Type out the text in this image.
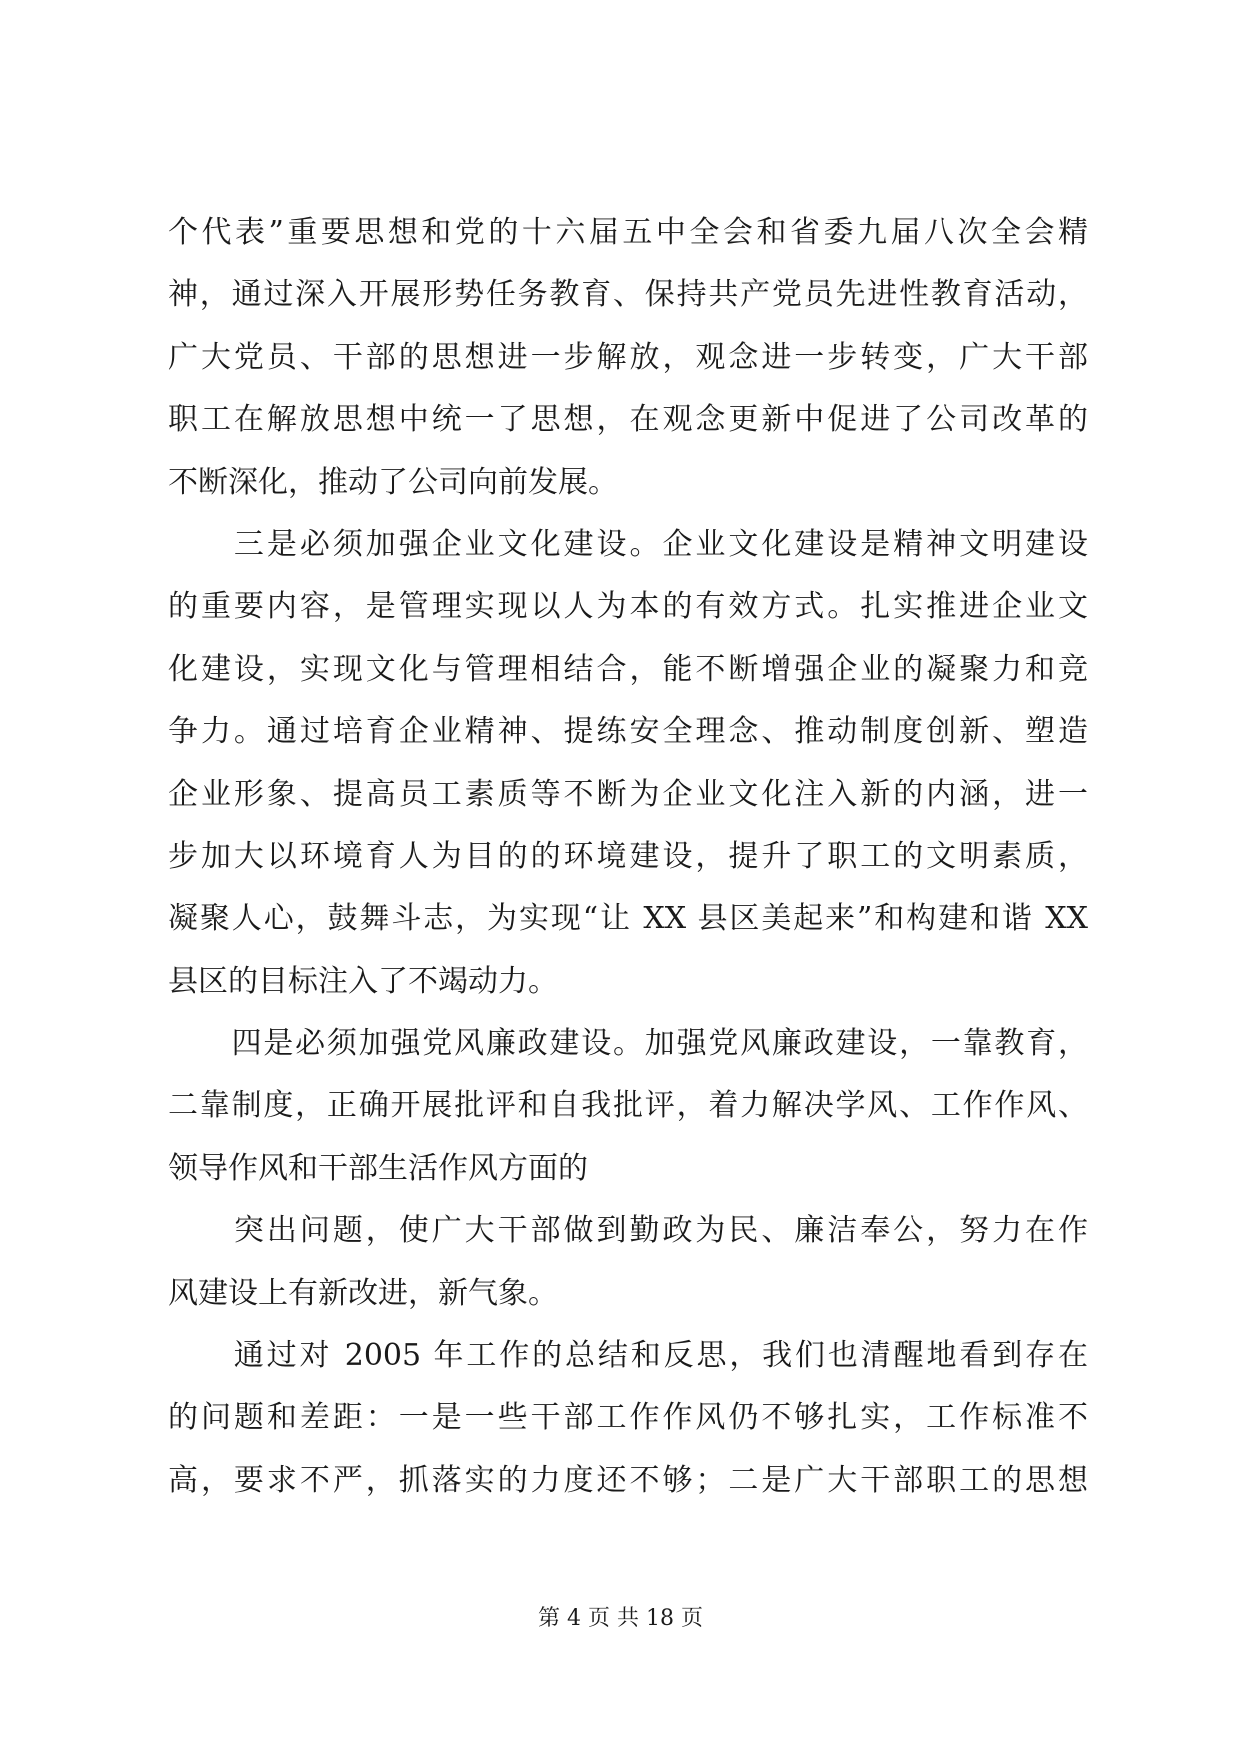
个代表”重要思想和党的十六届五中全会和省委九届八次全会精
神，通过深入开展形势任务教育、保持共产党员先进性教育活动，
广大党员、干部的思想进一步解放，观念进一步转变，广大干部
职工在解放思想中统一了思想，在观念更新中促进了公司改革的
不断深化，推动了公司向前发展。
　　三是必须加强企业文化建设。企业文化建设是精神文明建设
的重要内容，是管理实现以人为本的有效方式。扎实推进企业文
化建设，实现文化与管理相结合，能不断增强企业的凝聚力和竞
争力。通过培育企业精神、提练安全理念、推动制度创新、塑造
企业形象、提高员工素质等不断为企业文化注入新的内涵，进一
步加大以环境育人为目的的环境建设，提升了职工的文明素质，
凝聚人心，鼓舞斗志，为实现“让 XX 县区美起来”和构建和谐 XX
县区的目标注入了不竭动力。
　　四是必须加强党风廉政建设。加强党风廉政建设，一靠教育，
二靠制度，正确开展批评和自我批评，着力解决学风、工作作风、
领导作风和干部生活作风方面的
　　突出问题，使广大干部做到勤政为民、廉洁奉公，努力在作
风建设上有新改进，新气象。
　　通过对 2005 年工作的总结和反思，我们也清醒地看到存在
的问题和差距：一是一些干部工作作风仍不够扎实，工作标准不
高，要求不严，抓落实的力度还不够；二是广大干部职工的思想
第 4 页 共 18 页
